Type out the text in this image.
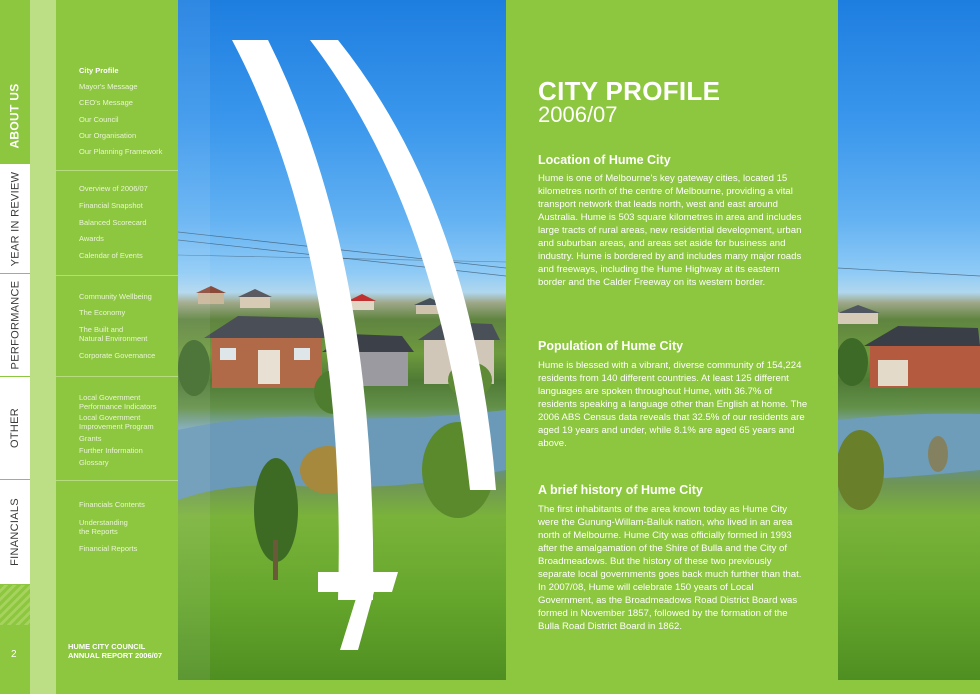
ABOUT US
YEAR IN REVIEW
PERFORMANCE
OTHER
FINANCIALS
2
City Profile
Mayor's Message
CEO's Message
Our Council
Our Organisation
Our Planning Framework
Overview of 2006/07
Financial Snapshot
Balanced Scorecard
Awards
Calendar of Events
Community Wellbeing
The Economy
The Built and
Natural Environment
Corporate Governance
Local Government
Performance Indicators
Local Government
Improvement Program
Grants
Further Information
Glossary
Financials Contents
Understanding
the Reports
Financial Reports
HUME CITY COUNCIL
ANNUAL REPORT 2006/07
CITY PROFILE
2006/07
Location of Hume City
Hume is one of Melbourne's key gateway cities, located 15 kilometres north of the centre of Melbourne, providing a vital transport network that leads north, west and east around Australia. Hume is 503 square kilometres in area and includes large tracts of rural areas, new residential development, urban and suburban areas, and areas set aside for business and industry. Hume is bordered by and includes many major roads and freeways, including the Hume Highway at its eastern border and the Calder Freeway on its western border.
Population of Hume City
Hume is blessed with a vibrant, diverse community of 154,224 residents from 140 different countries. At least 125 different languages are spoken throughout Hume, with 36.7% of residents speaking a language other than English at home. The 2006 ABS Census data reveals that 32.5% of our residents are aged 19 years and under, while 8.1% are aged 65 years and above.
A brief history of Hume City
The first inhabitants of the area known today as Hume City were the Gunung-Willam-Balluk nation, who lived in an area north of Melbourne. Hume City was officially formed in 1993 after the amalgamation of the Shire of Bulla and the City of Broadmeadows. But the history of these two previously separate local governments goes back much further than that. In 2007/08, Hume will celebrate 150 years of Local Government, as the Broadmeadows Road District Board was formed in November 1857, followed by the formation of the Bulla Road District Board in 1862.
